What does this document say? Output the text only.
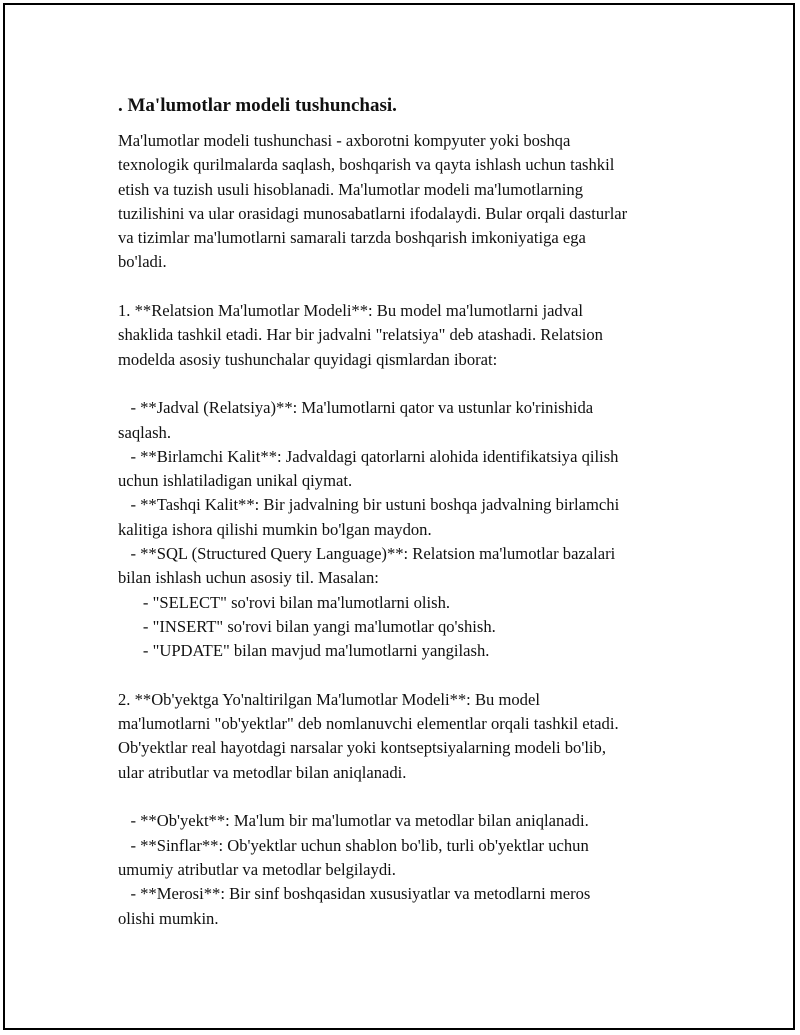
. Ma'lumotlar modeli tushunchasi.

Ma'lumotlar modeli tushunchasi - axborotni kompyuter yoki boshqa
texnologik qurilmalarda saqlash, boshqarish va qayta ishlash uchun tashkil
etish va tuzish usuli hisoblanadi. Ma'lumotlar modeli ma'lumotlarning
tuzilishini va ular orasidagi munosabatlarni ifodalaydi. Bular orqali dasturlar
va tizimlar ma'lumotlarni samarali tarzda boshqarish imkoniyatiga ega
bo'ladi.

1. **Relatsion Ma'lumotlar Modeli**: Bu model ma'lumotlarni jadval
shaklida tashkil etadi. Har bir jadvalni "relatsiya" deb atashadi. Relatsion
modelda asosiy tushunchalar quyidagi qismlardan iborat:

- **Jadval (Relatsiya)**: Ma'lumotlarni qator va ustunlar ko'rinishida
saqlash.

- **Birlamchi Kalit**: Jadvaldagi qatorlarni alohida identifikatsiya qilish
uchun ishlatiladigan unikal qiymat.

- **Tashqi Kalit**: Bir jadvalning bir ustuni boshqa jadvalning birlamchi
kalitiga ishora qilishi mumkin bo'lgan maydon.

- **SQL (Structured Query Language)**: Relatsion ma'lumotlar bazalari
bilan ishlash uchun asosiy til. Masalan:

- "SELECT" so'rovi bilan ma'lumotlarni olish.

- "INSERT" so'rovi bilan yangi ma'lumotlar qo'shish.

- "UPDATE" bilan mavjud ma'lumotlarni yangilash.

2. **Ob'yektga Yo'naltirilgan Ma'lumotlar Modeli**: Bu model
ma'lumotlarni "ob'yektlar" deb nomlanuvchi elementlar orqali tashkil etadi.
Ob'yektlar real hayotdagi narsalar yoki kontseptsiyalarning modeli bo'lib,
ular atributlar va metodlar bilan aniqlanadi.

- **Ob'yekt**: Ma'lum bir ma'lumotlar va metodlar bilan aniqlanadi.

- **Sinflar**: Ob'yektlar uchun shablon bo'lib, turli ob'yektlar uchun
umumiy atributlar va metodlar belgilaydi.

- **Merosi**: Bir sinf boshqasidan xususiyatlar va metodlarni meros
olishi mumkin.
